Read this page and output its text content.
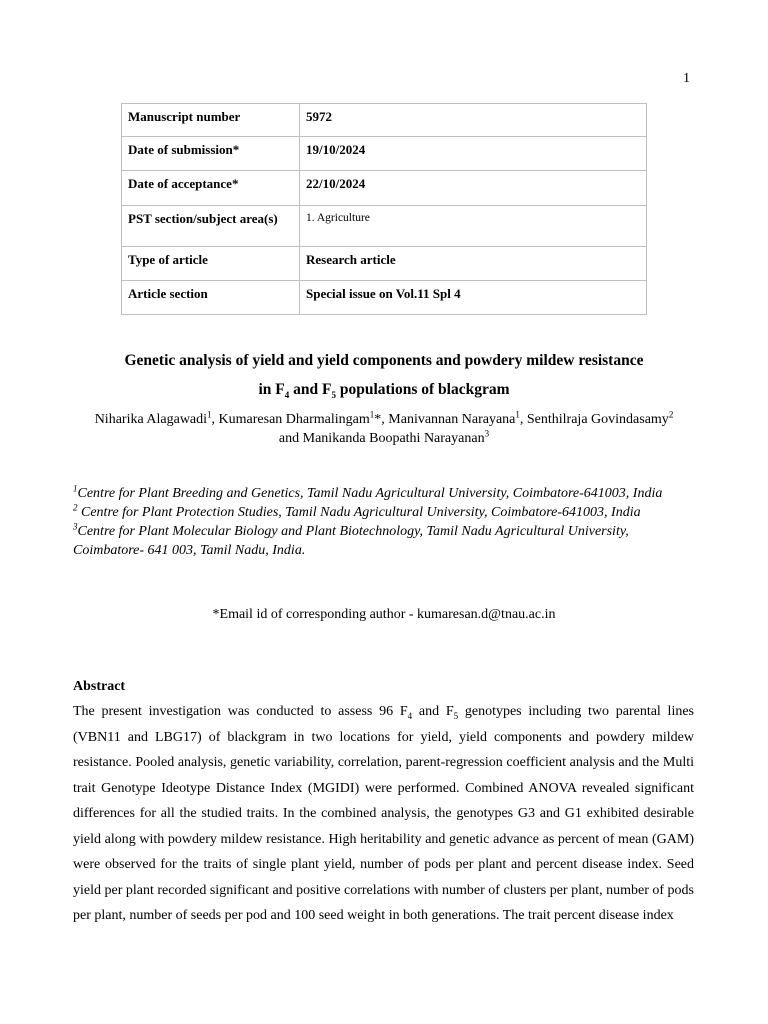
1
Manuscript number	5972
Date of submission*	19/10/2024
Date of acceptance*	22/10/2024
PST section/subject area(s)	1. Agriculture
Type of article	Research article
Article section	Special issue on Vol.11 Spl 4
Genetic analysis of yield and yield components and powdery mildew resistance
in $F_4$ and $F_5$ populations of blackgram
Niharika Alagawadi$^1$, Kumaresan Dharmalingam$^1$*, Manivannan Narayana$^1$, Senthilraja Govindasamy$^2$ and Manikanda Boopathi Narayanan$^3$

$^1$Centre for Plant Breeding and Genetics, Tamil Nadu Agricultural University, Coimbatore-641003, India

$^2$ Centre for Plant Protection Studies, Tamil Nadu Agricultural University, Coimbatore-641003, India

$^3$Centre for Plant Molecular Biology and Plant Biotechnology, Tamil Nadu Agricultural University, Coimbatore- 641 003, Tamil Nadu, India.

*Email id of corresponding author - kumaresan.d@tnau.ac.in
Abstract
The present investigation was conducted to assess 96 $F_4$ and $F_5$ genotypes including two parental lines (VBN11 and LBG17) of blackgram in two locations for yield, yield components and powdery mildew resistance. Pooled analysis, genetic variability, correlation, parent-regression coefficient analysis and the Multi trait Genotype Ideotype Distance Index (MGIDI) were performed. Combined ANOVA revealed significant differences for all the studied traits. In the combined analysis, the genotypes G3 and G1 exhibited desirable yield along with powdery mildew resistance. High heritability and genetic advance as percent of mean (GAM) were observed for the traits of single plant yield, number of pods per plant and percent disease index. Seed yield per plant recorded significant and positive correlations with number of clusters per plant, number of pods per plant, number of seeds per pod and 100 seed weight in both generations. The trait percent disease index
